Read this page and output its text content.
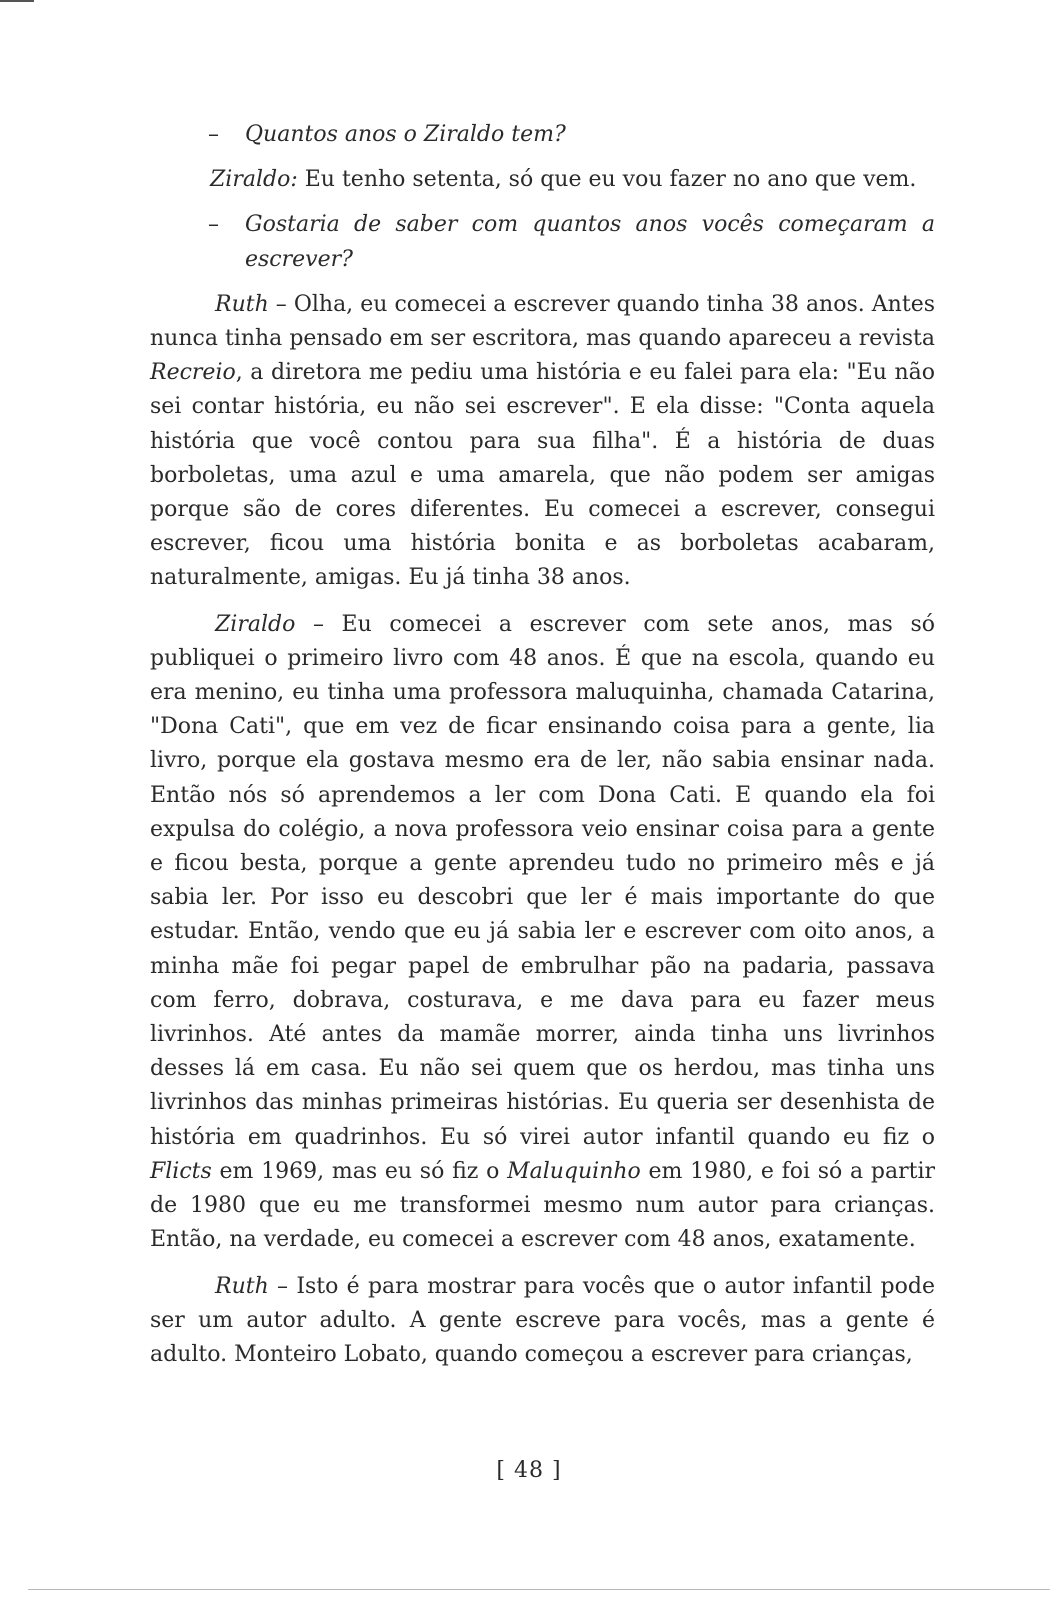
– Quantos anos o Ziraldo tem?

Ziraldo: Eu tenho setenta, só que eu vou fazer no ano que vem.

– Gostaria de saber com quantos anos vocês começaram a escrever?

Ruth – Olha, eu comecei a escrever quando tinha 38 anos. Antes nunca tinha pensado em ser escritora, mas quando apareceu a revista Recreio, a diretora me pediu uma história e eu falei para ela: "Eu não sei contar história, eu não sei escrever". E ela disse: "Conta aquela história que você contou para sua filha". É a história de duas borboletas, uma azul e uma amarela, que não podem ser amigas porque são de cores diferentes. Eu comecei a escrever, consegui escrever, ficou uma história bonita e as borboletas acabaram, naturalmente, amigas. Eu já tinha 38 anos.

Ziraldo – Eu comecei a escrever com sete anos, mas só publiquei o primeiro livro com 48 anos. É que na escola, quando eu era menino, eu tinha uma professora maluquinha, chamada Catarina, "Dona Cati", que em vez de ficar ensinando coisa para a gente, lia livro, porque ela gostava mesmo era de ler, não sabia ensinar nada. Então nós só aprendemos a ler com Dona Cati. E quando ela foi expulsa do colégio, a nova professora veio ensinar coisa para a gente e ficou besta, porque a gente aprendeu tudo no primeiro mês e já sabia ler. Por isso eu descobri que ler é mais importante do que estudar. Então, vendo que eu já sabia ler e escrever com oito anos, a minha mãe foi pegar papel de embrulhar pão na padaria, passava com ferro, dobrava, costurava, e me dava para eu fazer meus livrinhos. Até antes da mamãe morrer, ainda tinha uns livrinhos desses lá em casa. Eu não sei quem que os herdou, mas tinha uns livrinhos das minhas primeiras histórias. Eu queria ser desenhista de história em quadrinhos. Eu só virei autor infantil quando eu fiz o Flicts em 1969, mas eu só fiz o Maluquinho em 1980, e foi só a partir de 1980 que eu me transformei mesmo num autor para crianças. Então, na verdade, eu comecei a escrever com 48 anos, exatamente.

Ruth – Isto é para mostrar para vocês que o autor infantil pode ser um autor adulto. A gente escreve para vocês, mas a gente é adulto. Monteiro Lobato, quando começou a escrever para crianças,

[ 48 ]
